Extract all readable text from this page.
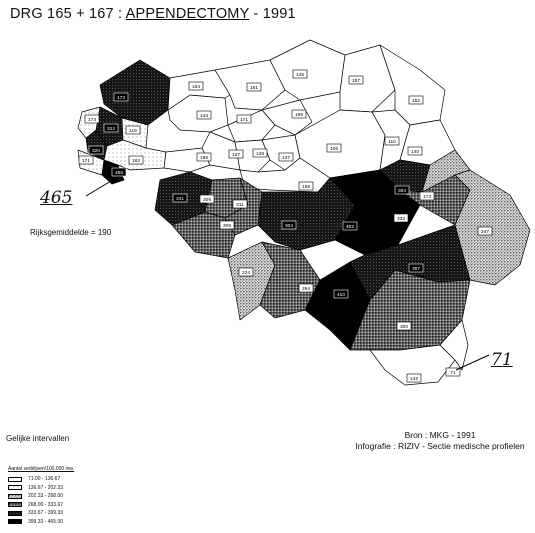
173
322
320
173
119
171
465
182
186
143
164	161
145
157
152
171
189
127	128
137
106
110
140
158
341	309
311
309	304	402
364
333
173
247
224
264
410
367
300
142
71
DRG 165 + 167 : APPENDECTOMY - 1991
465
71
Rijksgemiddelde = 190
Gelijke intervallen
Aantal verblijven/100.000 inw.
71.00 - 136.67
136.67 - 202.33
202.33 - 268.00
268.00 - 333.67
333.67 - 399.33
399.33 - 465.00
Bron : MKG - 1991
Infografie : RIZIV - Sectie medische profielen
